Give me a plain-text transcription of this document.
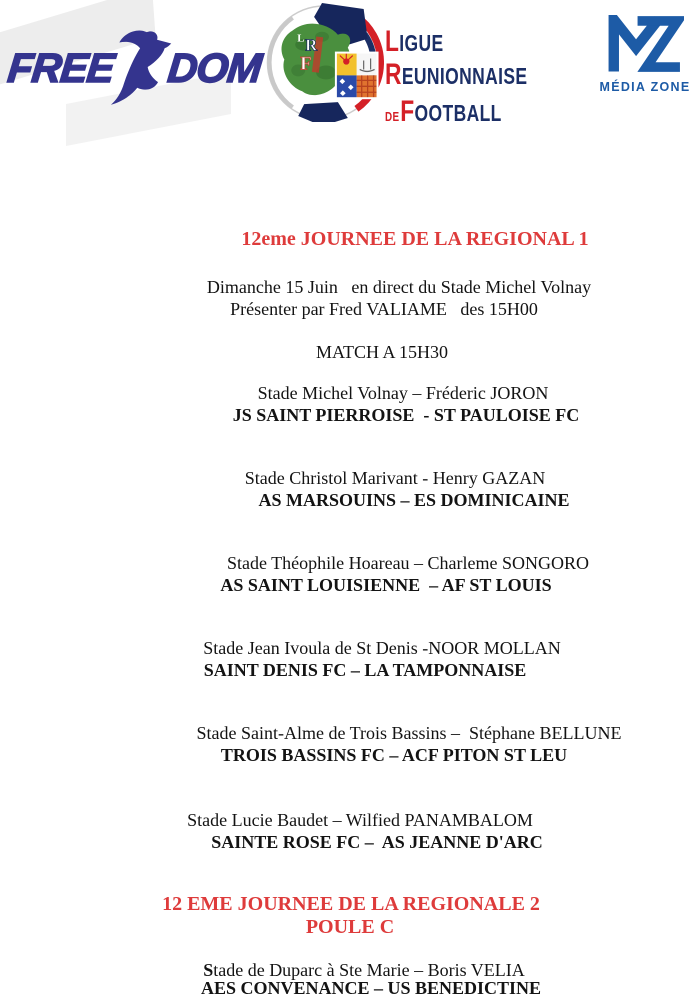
FREE DOM
L R
F
L IGUE
R EUNIONNAISE
DE F OOTBALL
MÉDIA ZONE
12eme JOURNEE DE LA REGIONAL 1
Dimanche 15 Juin   en direct du Stade Michel Volnay
Présenter par Fred VALIAME   des 15H00
MATCH A 15H30
Stade Michel Volnay – Fréderic JORON
JS SAINT PIERROISE  - ST PAULOISE FC
Stade Christol Marivant - Henry GAZAN
AS MARSOUINS – ES DOMINICAINE
Stade Théophile Hoareau – Charleme SONGORO
AS SAINT LOUISIENNE  – AF ST LOUIS
Stade Jean Ivoula de St Denis -NOOR MOLLAN
SAINT DENIS FC – LA TAMPONNAISE
Stade Saint-Alme de Trois Bassins –  Stéphane BELLUNE
TROIS BASSINS FC – ACF PITON ST LEU
Stade Lucie Baudet – Wilfied PANAMBALOM
SAINTE ROSE FC –  AS JEANNE D'ARC
12 EME JOURNEE DE LA REGIONALE 2
POULE C
Stade de Duparc à Ste Marie – Boris VELIA
AES CONVENANCE – US BENEDICTINE
